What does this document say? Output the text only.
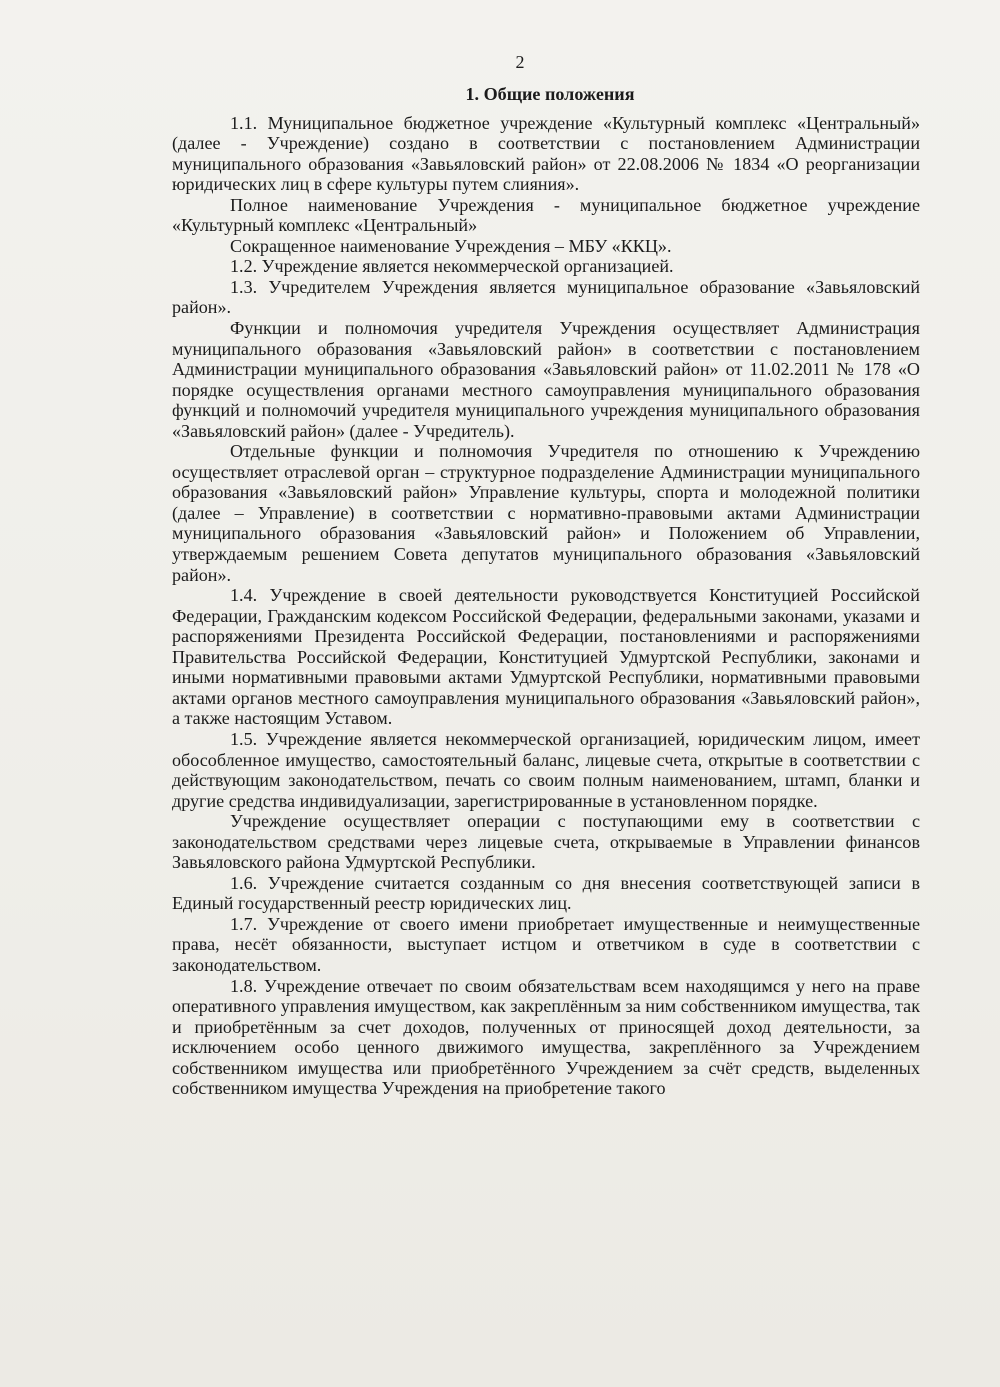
2
1. Общие положения

1.1. Муниципальное бюджетное учреждение «Культурный комплекс «Центральный» (далее - Учреждение) создано в соответствии с постановлением Администрации муниципального образования «Завьяловский район» от 22.08.2006 № 1834 «О реорганизации юридических лиц в сфере культуры путем слияния».

Полное наименование Учреждения - муниципальное бюджетное учреждение «Культурный комплекс «Центральный»

Сокращенное наименование Учреждения – МБУ «ККЦ».

1.2. Учреждение является некоммерческой организацией.

1.3. Учредителем Учреждения является муниципальное образование «Завьяловский район».

Функции и полномочия учредителя Учреждения осуществляет Администрация муниципального образования «Завьяловский район» в соответствии с постановлением Администрации муниципального образования «Завьяловский район» от 11.02.2011 № 178 «О порядке осуществления органами местного самоуправления муниципального образования функций и полномочий учредителя муниципального учреждения муниципального образования «Завьяловский район» (далее - Учредитель).

Отдельные функции и полномочия Учредителя по отношению к Учреждению осуществляет отраслевой орган – структурное подразделение Администрации муниципального образования «Завьяловский район» Управление культуры, спорта и молодежной политики (далее – Управление) в соответствии с нормативно-правовыми актами Администрации муниципального образования «Завьяловский район» и Положением об Управлении, утверждаемым решением Совета депутатов муниципального образования «Завьяловский район».

1.4. Учреждение в своей деятельности руководствуется Конституцией Российской Федерации, Гражданским кодексом Российской Федерации, федеральными законами, указами и распоряжениями Президента Российской Федерации, постановлениями и распоряжениями Правительства Российской Федерации, Конституцией Удмуртской Республики, законами и иными нормативными правовыми актами Удмуртской Республики, нормативными правовыми актами органов местного самоуправления муниципального образования «Завьяловский район», а также настоящим Уставом.

1.5. Учреждение является некоммерческой организацией, юридическим лицом, имеет обособленное имущество, самостоятельный баланс, лицевые счета, открытые в соответствии с действующим законодательством, печать со своим полным наименованием, штамп, бланки и другие средства индивидуализации, зарегистрированные в установленном порядке.

Учреждение осуществляет операции с поступающими ему в соответствии с законодательством средствами через лицевые счета, открываемые в Управлении финансов Завьяловского района Удмуртской Республики.

1.6. Учреждение считается созданным со дня внесения соответствующей записи в Единый государственный реестр юридических лиц.

1.7. Учреждение от своего имени приобретает имущественные и неимущественные права, несёт обязанности, выступает истцом и ответчиком в суде в соответствии с законодательством.

1.8. Учреждение отвечает по своим обязательствам всем находящимся у него на праве оперативного управления имуществом, как закреплённым за ним собственником имущества, так и приобретённым за счет доходов, полученных от приносящей доход деятельности, за исключением особо ценного движимого имущества, закреплённого за Учреждением собственником имущества или приобретённого Учреждением за счёт средств, выделенных собственником имущества Учреждения на приобретение такого
